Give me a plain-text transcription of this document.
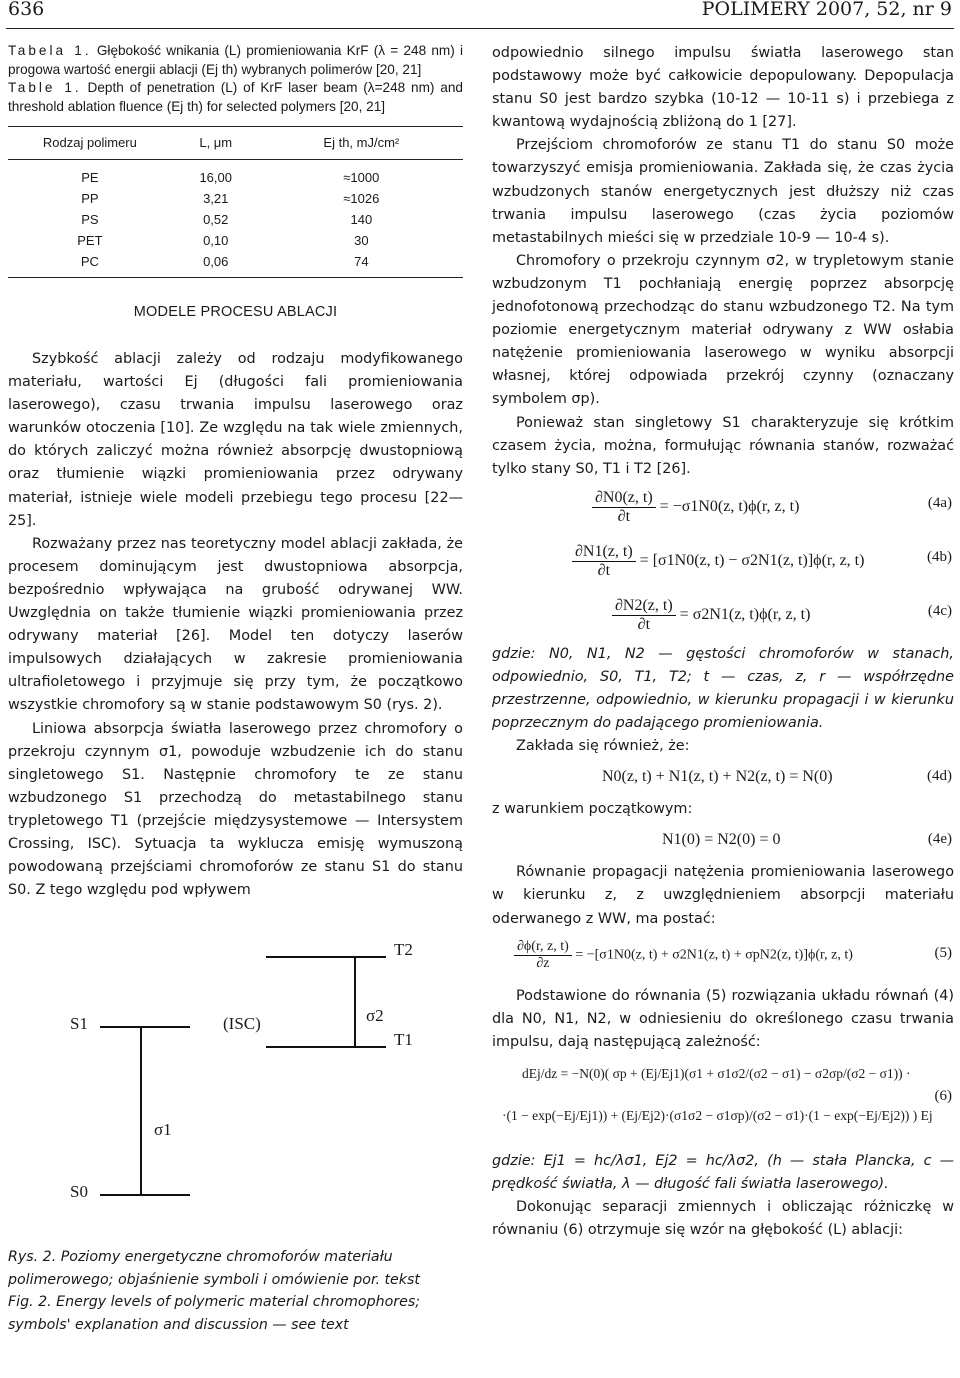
636	POLIMERY 2007, 52, nr 9

Tabela 1. Głębokość wnikania (L) promieniowania KrF (λ = 248 nm) i progowa wartość energii ablacji (Ej th) wybranych polimerów [20, 21]

Table 1. Depth of penetration (L) of KrF laser beam (λ=248 nm) and threshold ablation fluence (Ej th) for selected polymers [20, 21]

Rodzaj polimeru	L, μm	Ej th, mJ/cm²
PE	16,00	≈1000
PP	3,21	≈1026
PS	0,52	140
PET	0,10	30
PC	0,06	74
MODELE PROCESU ABLACJI

Szybkość ablacji zależy od rodzaju modyfikowanego materiału, wartości Ej (długości fali promieniowania laserowego), czasu trwania impulsu laserowego oraz warunków otoczenia [10]. Ze względu na tak wiele zmiennych, do których zaliczyć można również absorpcję dwustopniową oraz tłumienie wiązki promieniowania przez odrywany materiał, istnieje wiele modeli przebiegu tego procesu [22—25].

Rozważany przez nas teoretyczny model ablacji zakłada, że procesem dominującym jest dwustopniowa absorpcja, bezpośrednio wpływająca na grubość odrywanej WW. Uwzględnia on także tłumienie wiązki promieniowania przez odrywany materiał [26]. Model ten dotyczy laserów impulsowych działających w zakresie promieniowania ultrafioletowego i przyjmuje się przy tym, że początkowo wszystkie chromofory są w stanie podstawowym S0 (rys. 2).

Liniowa absorpcja światła laserowego przez chromofory o przekroju czynnym σ1, powoduje wzbudzenie ich do stanu singletowego S1. Następnie chromofory te ze stanu wzbudzonego S1 przechodzą do metastabilnego stanu trypletowego T1 (przejście międzysystemowe — Intersystem Crossing, ISC). Sytuacja ta wyklucza emisję wymuszoną powodowaną przejściami chromoforów ze stanu S1 do stanu S0. Z tego względu pod wpływem

T2
σ2
S1	(ISC)
T1
σ1
S0

Rys. 2. Poziomy energetyczne chromoforów materiału polimerowego; objaśnienie symboli i omówienie por. tekst

Fig. 2. Energy levels of polymeric material chromophores; symbols' explanation and discussion — see text

odpowiednio silnego impulsu światła laserowego stan podstawowy może być całkowicie depopulowany. Depopulacja stanu S0 jest bardzo szybka (10-12 — 10-11 s) i przebiega z kwantową wydajnością zbliżoną do 1 [27].

Przejściom chromoforów ze stanu T1 do stanu S0 może towarzyszyć emisja promieniowania. Zakłada się, że czas życia wzbudzonych stanów energetycznych jest dłuższy niż czas trwania impulsu laserowego (czas życia poziomów metastabilnych mieści się w przedziale 10-9 — 10-4 s).

Chromofory o przekroju czynnym σ2, w trypletowym stanie wzbudzonym T1 pochłaniają energię poprzez absorpcję jednofotonową przechodząc do stanu wzbudzonego T2. Na tym poziomie energetycznym materiał odrywany z WW osłabia natężenie promieniowania laserowego w wyniku absorpcji własnej, której odpowiada przekrój czynny (oznaczany symbolem σp).

Ponieważ stan singletowy S1 charakteryzuje się krótkim czasem życia, można, formułując równania stanów, rozważać tylko stany S0, T1 i T2 [26].

$\frac{\partial N0(z, t)}{\partial t} = -\sigma 1N0(z$, t)ϕ(r, z, t)	(4a)
$\frac{\partial N1(z, t)}{\partial t} = [\sigma 1N0(z$, t) − σ2N1(z, t)]ϕ(r, z, t)	(4b)
$\frac{\partial N2(z, t)}{\partial t} = \sigma 2N1(z$, t)ϕ(r, z, t)	(4c)

gdzie: N0, N1, N2 — gęstości chromoforów w stanach, odpowiednio, S0, T1, T2; t — czas, z, r — współrzędne przestrzenne, odpowiednio, w kierunku propagacji i w kierunku poprzecznym do padającego promieniowania.

Zakłada się również, że:

N0(z, t) + N1(z, t) + N2(z, t) = N(0)	(4d)

z warunkiem początkowym:

N1(0) = N2(0) = 0	(4e)

Równanie propagacji natężenia promieniowania laserowego w kierunku z, z uwzględnieniem absorpcji materiału oderwanego z WW, ma postać:

$\frac{\partial\phi(r, z, t)}{\partial z} = -[\sigma 1N0(z$, t) + σ2N1(z, t) + σpN2(z, t)]ϕ(r, z, t)	(5)

Podstawione do równania (5) rozwiązania układu równań (4) dla N0, N1, N2, w odniesieniu do określonego czasu trwania impulsu, dają następującą zależność:

dEj/dz = −N(0)( σp + (Ej/Ej1)(σ1 + σ1σ2/(σ2 − σ1) − σ2σp/(σ2 − σ1)) ·
·(1 − exp(−Ej/Ej1)) + (Ej/Ej2)·(σ1σ2 − σ1σp)/(σ2 − σ1)·(1 − exp(−Ej/Ej2)) ) Ej
(6)

gdzie: Ej1 = hc/λσ1, Ej2 = hc/λσ2, (h — stała Plancka, c — prędkość światła, λ — długość fali światła laserowego).

Dokonując separacji zmiennych i obliczając różniczkę w równaniu (6) otrzymuje się wzór na głębokość (L) ablacji:
